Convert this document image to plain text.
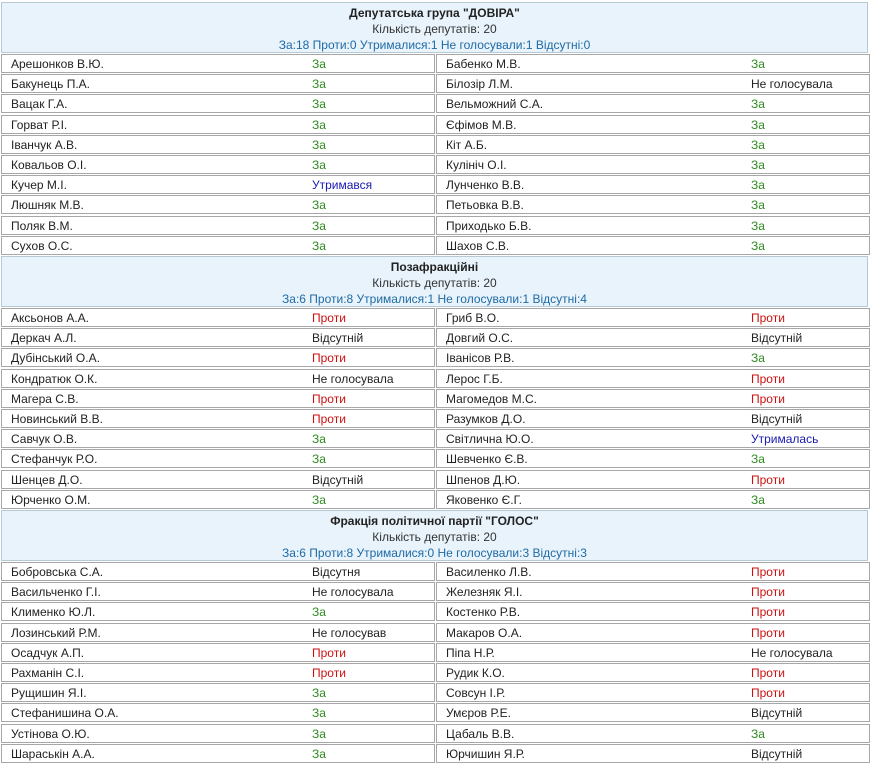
Депутатська група "ДОВІРА"
Кількість депутатів: 20
За:18 Проти:0 Утрималися:1 Не голосували:1 Відсутні:0
Арешонков В.Ю.	За	Бабенко М.В.	За
Бакунець П.А.	За	Білозір Л.М.	Не голосувала
Вацак Г.А.	За	Вельможний С.А.	За
Горват Р.І.	За	Єфімов М.В.	За
Іванчук А.В.	За	Кіт А.Б.	За
Ковальов О.І.	За	Кулініч О.І.	За
Кучер М.І.	Утримався	Лунченко В.В.	За
Люшняк М.В.	За	Петьовка В.В.	За
Поляк В.М.	За	Приходько Б.В.	За
Сухов О.С.	За	Шахов С.В.	За
Позафракційні
Кількість депутатів: 20
За:6 Проти:8 Утрималися:1 Не голосували:1 Відсутні:4
Аксьонов А.А.	Проти	Гриб В.О.	Проти
Деркач А.Л.	Відсутній	Довгий О.С.	Відсутній
Дубінський О.А.	Проти	Іванісов Р.В.	За
Кондратюк О.К.	Не голосувала	Лерос Г.Б.	Проти
Магера С.В.	Проти	Магомедов М.С.	Проти
Новинський В.В.	Проти	Разумков Д.О.	Відсутній
Савчук О.В.	За	Світлична Ю.О.	Утрималась
Стефанчук Р.О.	За	Шевченко Є.В.	За
Шенцев Д.О.	Відсутній	Шпенов Д.Ю.	Проти
Юрченко О.М.	За	Яковенко Є.Г.	За
Фракція політичної партії "ГОЛОС"
Кількість депутатів: 20
За:6 Проти:8 Утрималися:0 Не голосували:3 Відсутні:3
Бобровська С.А.	Відсутня	Василенко Л.В.	Проти
Васильченко Г.І.	Не голосувала	Железняк Я.І.	Проти
Клименко Ю.Л.	За	Костенко Р.В.	Проти
Лозинський Р.М.	Не голосував	Макаров О.А.	Проти
Осадчук А.П.	Проти	Піпа Н.Р.	Не голосувала
Рахманін С.І.	Проти	Рудик К.О.	Проти
Рущишин Я.І.	За	Совсун І.Р.	Проти
Стефанишина О.А.	За	Умєров Р.Е.	Відсутній
Устінова О.Ю.	За	Цабаль В.В.	За
Шараськін А.А.	За	Юрчишин Я.Р.	Відсутній
